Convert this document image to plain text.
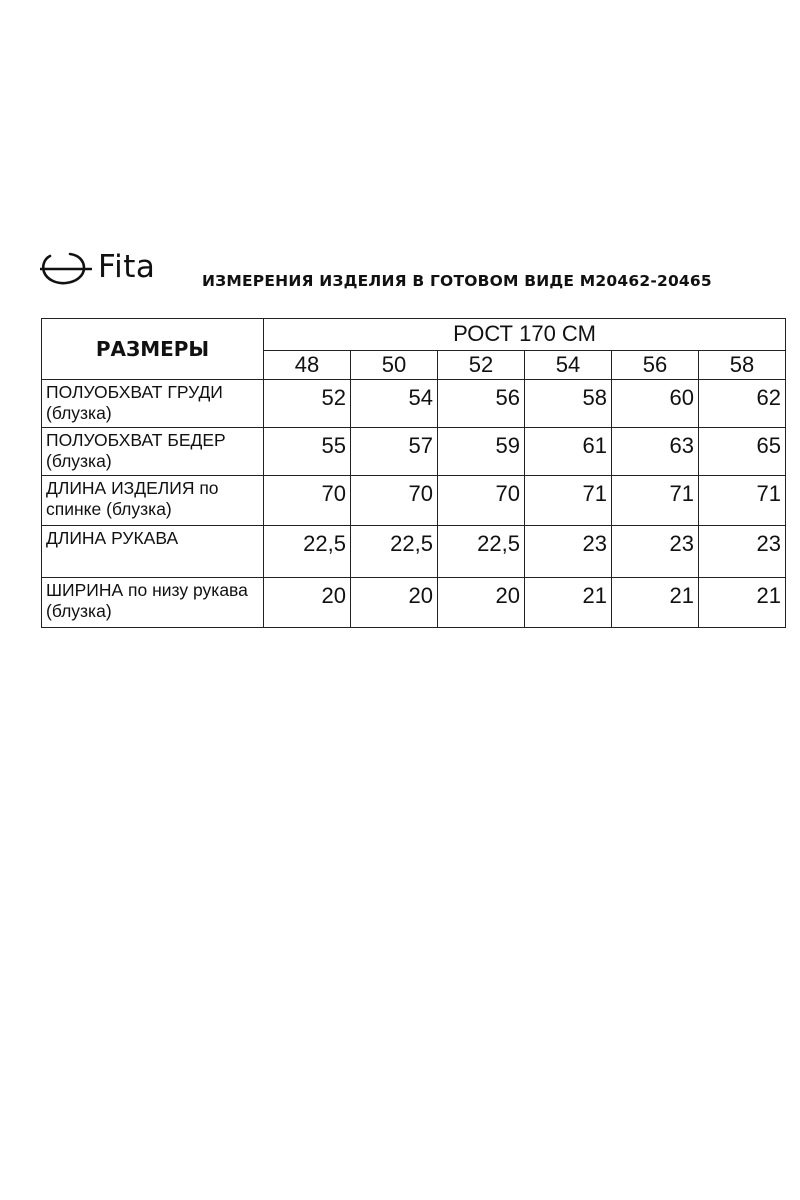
Fita	ИЗМЕРЕНИЯ ИЗДЕЛИЯ В ГОТОВОМ ВИДЕ М20462-20465
РАЗМЕРЫ	РОСТ 170 СМ					
	48	50	52	54	56	58
ПОЛУОБХВАТ ГРУДИ (блузка)	52	54	56	58	60	62
ПОЛУОБХВАТ БЕДЕР (блузка)	55	57	59	61	63	65
ДЛИНА ИЗДЕЛИЯ по спинке (блузка)	70	70	70	71	71	71
ДЛИНА РУКАВА	22,5	22,5	22,5	23	23	23
ШИРИНА по низу рукава (блузка)	20	20	20	21	21	21
